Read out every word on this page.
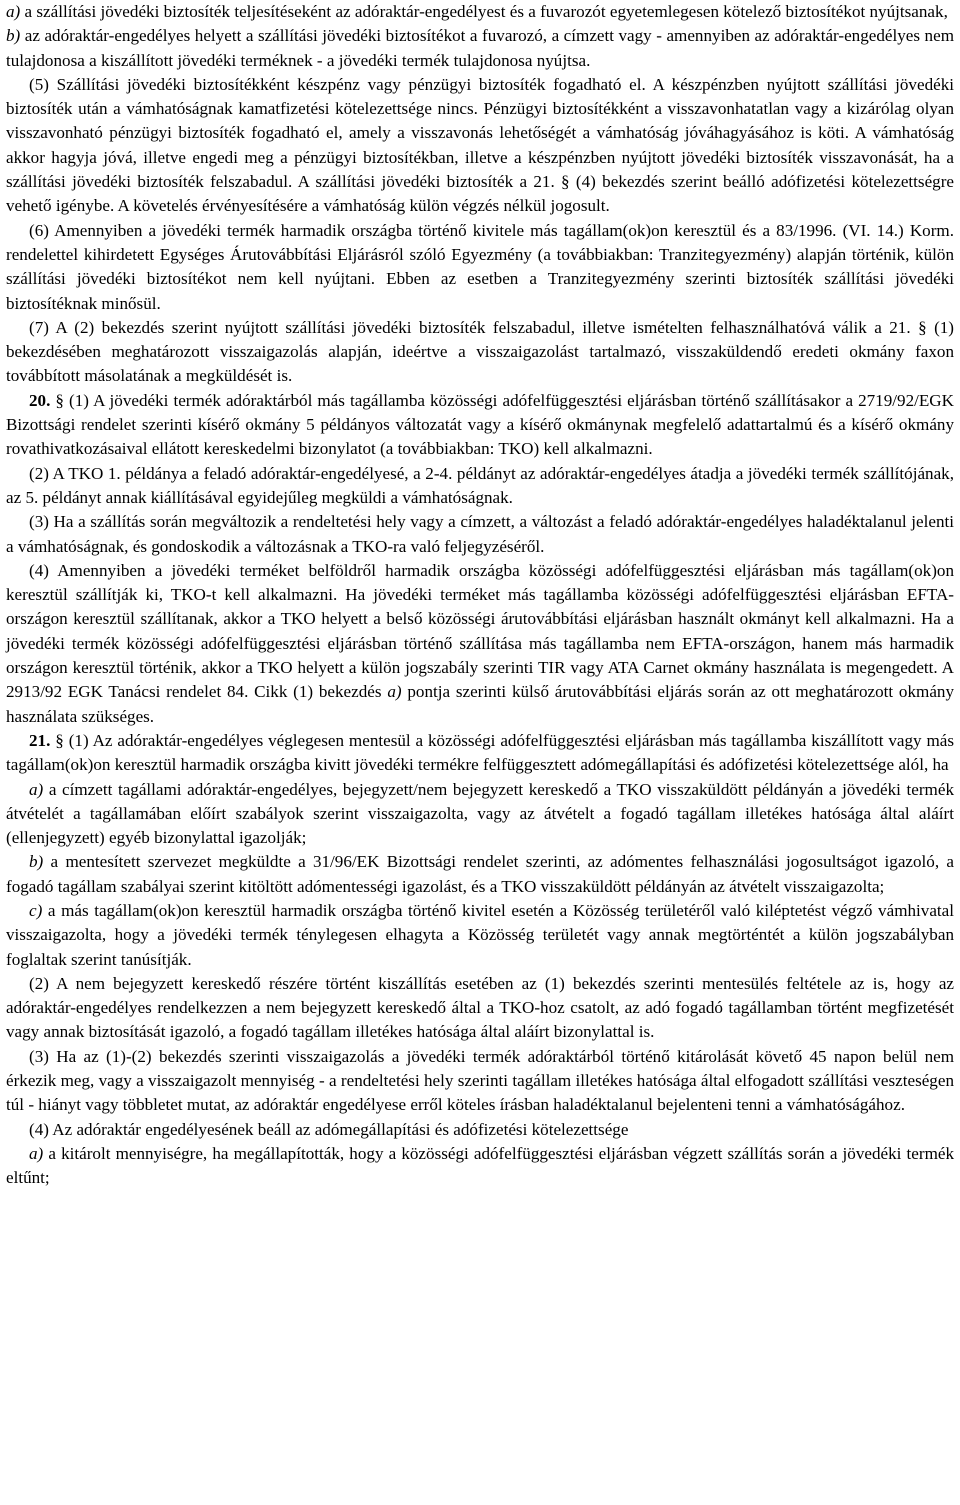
a) a szállítási jövedéki biztosíték teljesítéseként az adóraktár-engedélyest és a fuvarozót egyetemlegesen kötelező biztosítékot nyújtsanak,

b) az adóraktár-engedélyes helyett a szállítási jövedéki biztosítékot a fuvarozó, a címzett vagy - amennyiben az adóraktár-engedélyes nem tulajdonosa a kiszállított jövedéki terméknek - a jövedéki termék tulajdonosa nyújtsa.

(5) Szállítási jövedéki biztosítékként készpénz vagy pénzügyi biztosíték fogadható el. A készpénzben nyújtott szállítási jövedéki biztosíték után a vámhatóságnak kamatfizetési kötelezettsége nincs. Pénzügyi biztosítékként a visszavonhatatlan vagy a kizárólag olyan visszavonható pénzügyi biztosíték fogadható el, amely a visszavonás lehetőségét a vámhatóság jóváhagyásához is köti. A vámhatóság akkor hagyja jóvá, illetve engedi meg a pénzügyi biztosítékban, illetve a készpénzben nyújtott jövedéki biztosíték visszavonását, ha a szállítási jövedéki biztosíték felszabadul. A szállítási jövedéki biztosíték a 21. § (4) bekezdés szerint beálló adófizetési kötelezettségre vehető igénybe. A követelés érvényesítésére a vámhatóság külön végzés nélkül jogosult.

(6) Amennyiben a jövedéki termék harmadik országba történő kivitele más tagállam(ok)on keresztül és a 83/1996. (VI. 14.) Korm. rendelettel kihirdetett Egységes Árutovábbítási Eljárásról szóló Egyezmény (a továbbiakban: Tranzitegyezmény) alapján történik, külön szállítási jövedéki biztosítékot nem kell nyújtani. Ebben az esetben a Tranzitegyezmény szerinti biztosíték szállítási jövedéki biztosítéknak minősül.

(7) A (2) bekezdés szerint nyújtott szállítási jövedéki biztosíték felszabadul, illetve ismételten felhasználhatóvá válik a 21. § (1) bekezdésében meghatározott visszaigazolás alapján, ideértve a visszaigazolást tartalmazó, visszaküldendő eredeti okmány faxon továbbított másolatának a megküldését is.

20. § (1) A jövedéki termék adóraktárból más tagállamba közösségi adófelfüggesztési eljárásban történő szállításakor a 2719/92/EGK Bizottsági rendelet szerinti kísérő okmány 5 példányos változatát vagy a kísérő okmánynak megfelelő adattartalmú és a kísérő okmány rovathivatkozásaival ellátott kereskedelmi bizonylatot (a továbbiakban: TKO) kell alkalmazni.

(2) A TKO 1. példánya a feladó adóraktár-engedélyesé, a 2-4. példányt az adóraktár-engedélyes átadja a jövedéki termék szállítójának, az 5. példányt annak kiállításával egyidejűleg megküldi a vámhatóságnak.

(3) Ha a szállítás során megváltozik a rendeltetési hely vagy a címzett, a változást a feladó adóraktár-engedélyes haladéktalanul jelenti a vámhatóságnak, és gondoskodik a változásnak a TKO-ra való feljegyzéséről.

(4) Amennyiben a jövedéki terméket belföldről harmadik országba közösségi adófelfüggesztési eljárásban más tagállam(ok)on keresztül szállítják ki, TKO-t kell alkalmazni. Ha jövedéki terméket más tagállamba közösségi adófelfüggesztési eljárásban EFTA-országon keresztül szállítanak, akkor a TKO helyett a belső közösségi árutovábbítási eljárásban használt okmányt kell alkalmazni. Ha a jövedéki termék közösségi adófelfüggesztési eljárásban történő szállítása más tagállamba nem EFTA-országon, hanem más harmadik országon keresztül történik, akkor a TKO helyett a külön jogszabály szerinti TIR vagy ATA Carnet okmány használata is megengedett. A 2913/92 EGK Tanácsi rendelet 84. Cikk (1) bekezdés a) pontja szerinti külső árutovábbítási eljárás során az ott meghatározott okmány használata szükséges.

21. § (1) Az adóraktár-engedélyes véglegesen mentesül a közösségi adófelfüggesztési eljárásban más tagállamba kiszállított vagy más tagállam(ok)on keresztül harmadik országba kivitt jövedéki termékre felfüggesztett adómegállapítási és adófizetési kötelezettsége alól, ha

a) a címzett tagállami adóraktár-engedélyes, bejegyzett/nem bejegyzett kereskedő a TKO visszaküldött példányán a jövedéki termék átvételét a tagállamában előírt szabályok szerint visszaigazolta, vagy az átvételt a fogadó tagállam illetékes hatósága által aláírt (ellenjegyzett) egyéb bizonylattal igazolják;

b) a mentesített szervezet megküldte a 31/96/EK Bizottsági rendelet szerinti, az adómentes felhasználási jogosultságot igazoló, a fogadó tagállam szabályai szerint kitöltött adómentességi igazolást, és a TKO visszaküldött példányán az átvételt visszaigazolta;

c) a más tagállam(ok)on keresztül harmadik országba történő kivitel esetén a Közösség területéről való kiléptetést végző vámhivatal visszaigazolta, hogy a jövedéki termék ténylegesen elhagyta a Közösség területét vagy annak megtörténtét a külön jogszabályban foglaltak szerint tanúsítják.

(2) A nem bejegyzett kereskedő részére történt kiszállítás esetében az (1) bekezdés szerinti mentesülés feltétele az is, hogy az adóraktár-engedélyes rendelkezzen a nem bejegyzett kereskedő által a TKO-hoz csatolt, az adó fogadó tagállamban történt megfizetését vagy annak biztosítását igazoló, a fogadó tagállam illetékes hatósága által aláírt bizonylattal is.

(3) Ha az (1)-(2) bekezdés szerinti visszaigazolás a jövedéki termék adóraktárból történő kitárolását követő 45 napon belül nem érkezik meg, vagy a visszaigazolt mennyiség - a rendeltetési hely szerinti tagállam illetékes hatósága által elfogadott szállítási veszteségen túl - hiányt vagy többletet mutat, az adóraktár engedélyese erről köteles írásban haladéktalanul bejelenteni tenni a vámhatóságához.

(4) Az adóraktár engedélyesének beáll az adómegállapítási és adófizetési kötelezettsége

a) a kitárolt mennyiségre, ha megállapították, hogy a közösségi adófelfüggesztési eljárásban végzett szállítás során a jövedéki termék eltűnt;
